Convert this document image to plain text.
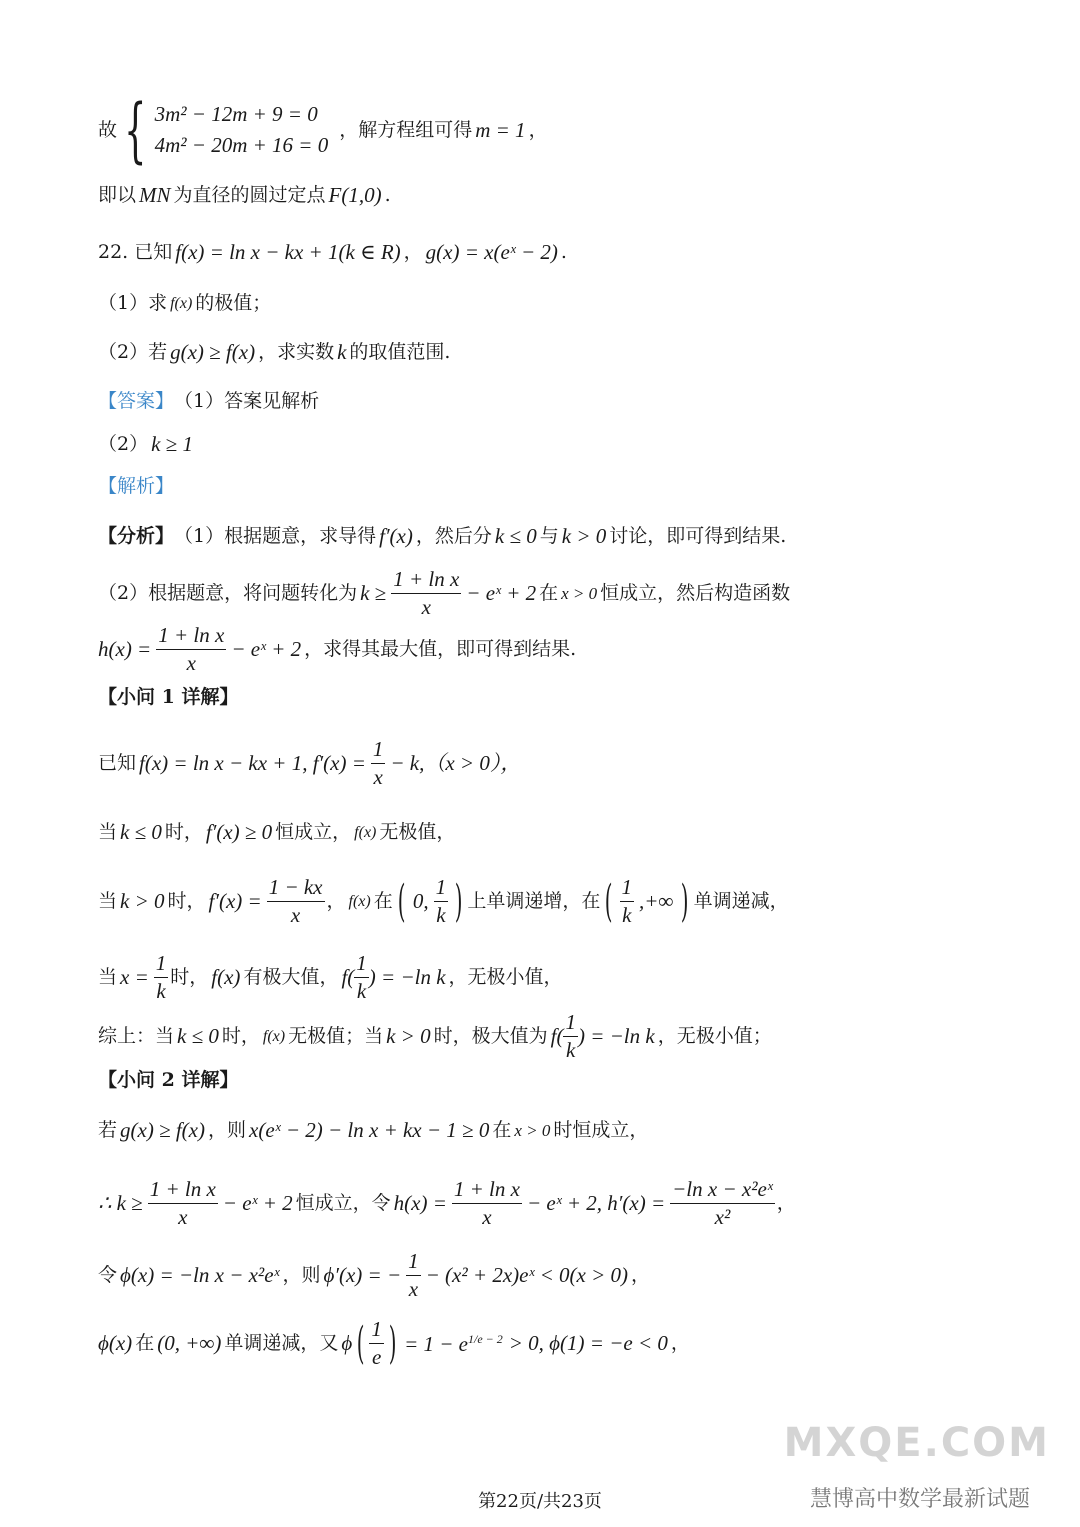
故 { 3m² − 12m + 9 = 0
4m² − 20m + 16 = 0
，解方程组可得 m = 1 ，
即以 MN 为直径的圆过定点 F(1,0) .
22. 已知 f(x) = ln x − kx + 1(k ∈ R) ， g(x) = x(eˣ − 2) .
（1）求 f(x) 的极值；
（2）若 g(x) ≥ f(x) ，求实数 k 的取值范围.
【答案】 （1）答案见解析
（2） k ≥ 1
【解析】
【分析】 （1）根据题意，求导得 f′(x) ，然后分 k ≤ 0 与 k > 0 讨论，即可得到结果.
（2）根据题意，将问题转化为 $k \ge \frac{\text{1 + ln x}}{x}$ − eˣ + 2 在 x > 0 恒成立，然后构造函数
$h(x) = \frac{\text{1 + ln x}}{x}$ − eˣ + 2 ，求得其最大值，即可得到结果.
【小问 1 详解】
已知 f(x) = ln x − kx + 1, $f'(x) = \frac{1}{x} - k,(x > 0)$，
当 k ≤ 0 时， f′(x) ≥ 0 恒成立， f(x) 无极值，
当 k > 0 时， $f'(x) = \frac{1 - kx}{x}$ ， f(x) 在 ( 0, $\frac{1}{k}$ ) 上单调递增，在 ( $\frac{1}{k}$ ,+∞ ) 单调递减，
当 $x = \frac{1}{k}$ 时， f(x) 有极大值， $f( \frac{1}{k}$ ) = −ln k ，无极小值，
综上：当 k ≤ 0 时， f(x) 无极值；当 k > 0 时，极大值为 $f( \frac{1}{k}$ ) = −ln k ，无极小值；
【小问 2 详解】
若 g(x) ≥ f(x) ，则 x(eˣ − 2) − ln x + kx − 1 ≥ 0 在 x > 0 时恒成立，
∴ $k \ge \frac{\text{1 + ln x}}{x}$ − eˣ + 2 恒成立，令 $h(x) = \frac{\text{1 + ln x}}{x}$ − eˣ + 2, $h'(x) = \frac{\text{−ln x − x²eˣ}}{\text{x²}}$ ，
令 ϕ(x) = −ln x − x²eˣ ，则 ϕ′(x) = − $\frac{1}{x} - (x^2$ + 2x)eˣ < 0(x > 0) ，
ϕ(x) 在 (0, +∞) 单调递减，又 ϕ ( $\frac{1}{e}$ ) = $1 - e^{1/e - 2} > 0$, ϕ(1) = −e < 0 ，
MXQE.COM
慧博高中数学最新试题
第22页/共23页
